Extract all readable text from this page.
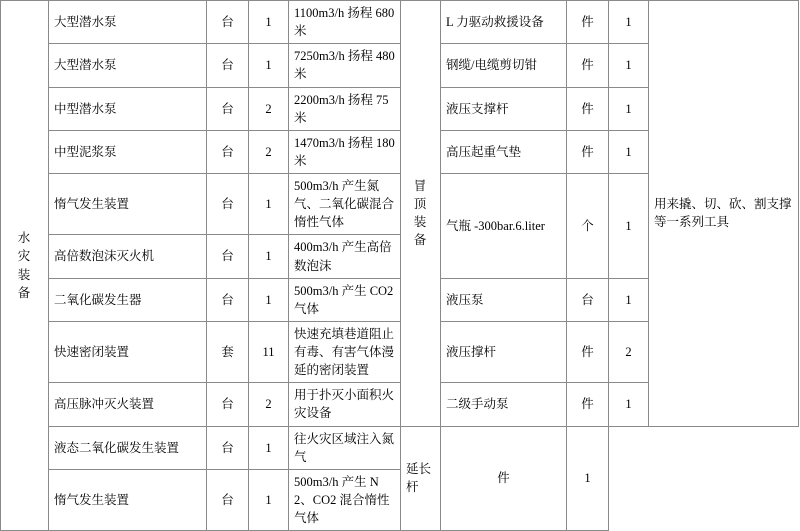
水灾装备	大型潜水泵	台	1	1100m3/h 扬程 680 米	冒顶装备	L 力驱动救援设备	件	1	用来撬、切、砍、割支撑等一系列工具
	大型潜水泵	台	1	7250m3/h 扬程 480 米		钢缆/电缆剪切钳	件	1	
	中型潜水泵	台	2	2200m3/h 扬程 75 米		液压支撑杆	件	1	
	中型泥浆泵	台	2	1470m3/h 扬程 180 米		高压起重气垫	件	1	
	惰气发生装置	台	1	500m3/h 产生氮气、二氧化碳混合惰性气体		气瓶 -300bar.6.liter	个	1	
	高倍数泡沫灭火机	台	1	400m3/h 产生高倍数泡沫					
	二氧化碳发生器	台	1	500m3/h 产生 CO2 气体		液压泵	台	1	
	快速密闭装置	套	11	快速充填巷道阻止有毒、有害气体漫延的密闭装置		液压撑杆	件	2	
	高压脉冲灭火装置	台	2	用于扑灭小面积火灾设备		二级手动泵	件	1	
	液态二氧化碳发生装置	台	1	往火灾区域注入氮气	延长杆	件	1		
	惰气发生装置	台	1	500m3/h 产生 N2、CO2 混合惰性气体					
